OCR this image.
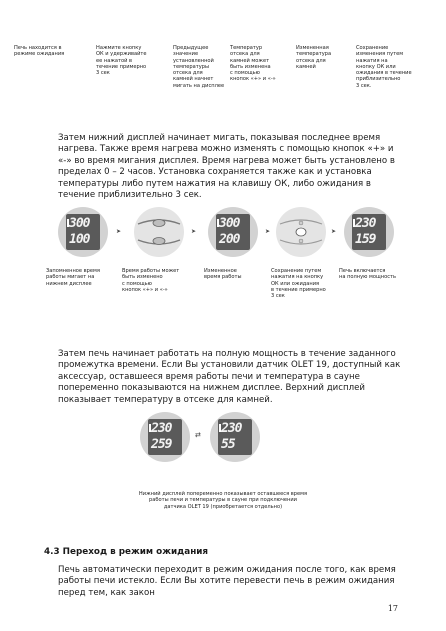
Печь находится в
режиме ожидания
Нажмите кнопку
ОК и удерживайте
ее нажатой в
течение примерно
3 сек
Предыдущее
значение
установленной
температуры
отсека для
камней начнет
мигать на дисплее
Температур
отсека для
камней может
быть изменена
с помощью
кнопок «+» и «-»
Измененная
температура
отсека для
камней
Сохранение
изменения путем
нажатия на
кнопку ОК или
ожидания в течение
приблизительно
3 сек.
Затем нижний дисплей начинает мигать, показывая последнее время нагрева. Также время нагрева можно изменять с помощью кнопок «+» и «-» во время мигания дисплея. Время нагрева может быть установлено в пределах 0 – 2 часов. Установка сохраняется также как и установка температуры либо путем нажатия на клавишу ОК, либо ожидания в течение приблизительно 3 сек.
300
100
➤	➤
300
200
➤	➤
230
159
Запомненное время
работы мигает на
нижнем дисплее
Время работы может
быть изменено
с помощью
кнопок «+» и «-»
Измененное
время работы
Сохранение путем
нажатия на кнопку
ОК или ожидания
в течение примерно
3 сек
Печь включается
на полную мощность
Затем печь начинает работать на полную мощность в течение заданного промежутка времени. Если Вы установили датчик OLET 19, доступный как аксессуар, оставшееся время работы печи и температура в сауне попеременно показываются на нижнем дисплее. Верхний дисплей показывает температуру в отсеке для камней.
230
259
⇄ 230
55
Нижний дисплей попеременно показывает оставшееся время
работы печи и температуры в сауне при подключении
датчика OLET 19 (приобретается отдельно)
4.3 Переход в режим ожидания
Печь автоматически переходит в режим ожидания после того, как время работы печи истекло. Если Вы хотите перевести печь в режим ожидания перед тем, как закон
17
